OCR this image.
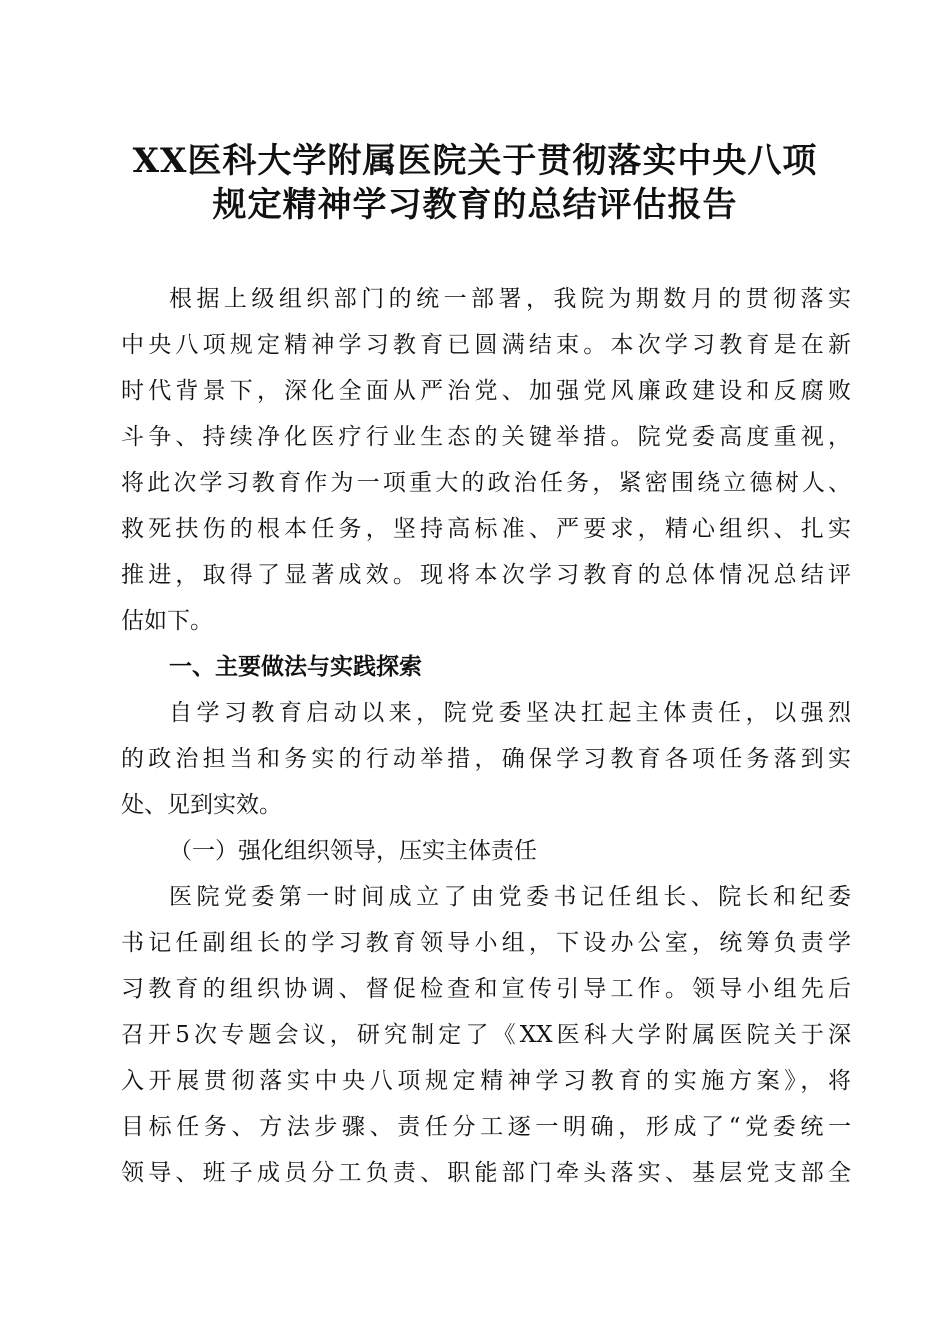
XX医科大学附属医院关于贯彻落实中央八项
规定精神学习教育的总结评估报告
根据上级组织部门的统一部署，我院为期数月的贯彻落实
中央八项规定精神学习教育已圆满结束。本次学习教育是在新
时代背景下，深化全面从严治党、加强党风廉政建设和反腐败
斗争、持续净化医疗行业生态的关键举措。院党委高度重视，
将此次学习教育作为一项重大的政治任务，紧密围绕立德树人、
救死扶伤的根本任务，坚持高标准、严要求，精心组织、扎实
推进，取得了显著成效。现将本次学习教育的总体情况总结评
估如下。
一、主要做法与实践探索
自学习教育启动以来，院党委坚决扛起主体责任，以强烈
的政治担当和务实的行动举措，确保学习教育各项任务落到实
处、见到实效。
（一）强化组织领导，压实主体责任
医院党委第一时间成立了由党委书记任组长、院长和纪委
书记任副组长的学习教育领导小组，下设办公室，统筹负责学
习教育的组织协调、督促检查和宣传引导工作。领导小组先后
召开5次专题会议，研究制定了《XX医科大学附属医院关于深
入开展贯彻落实中央八项规定精神学习教育的实施方案》，将
目标任务、方法步骤、责任分工逐一明确，形成了“党委统一
领导、班子成员分工负责、职能部门牵头落实、基层党支部全
